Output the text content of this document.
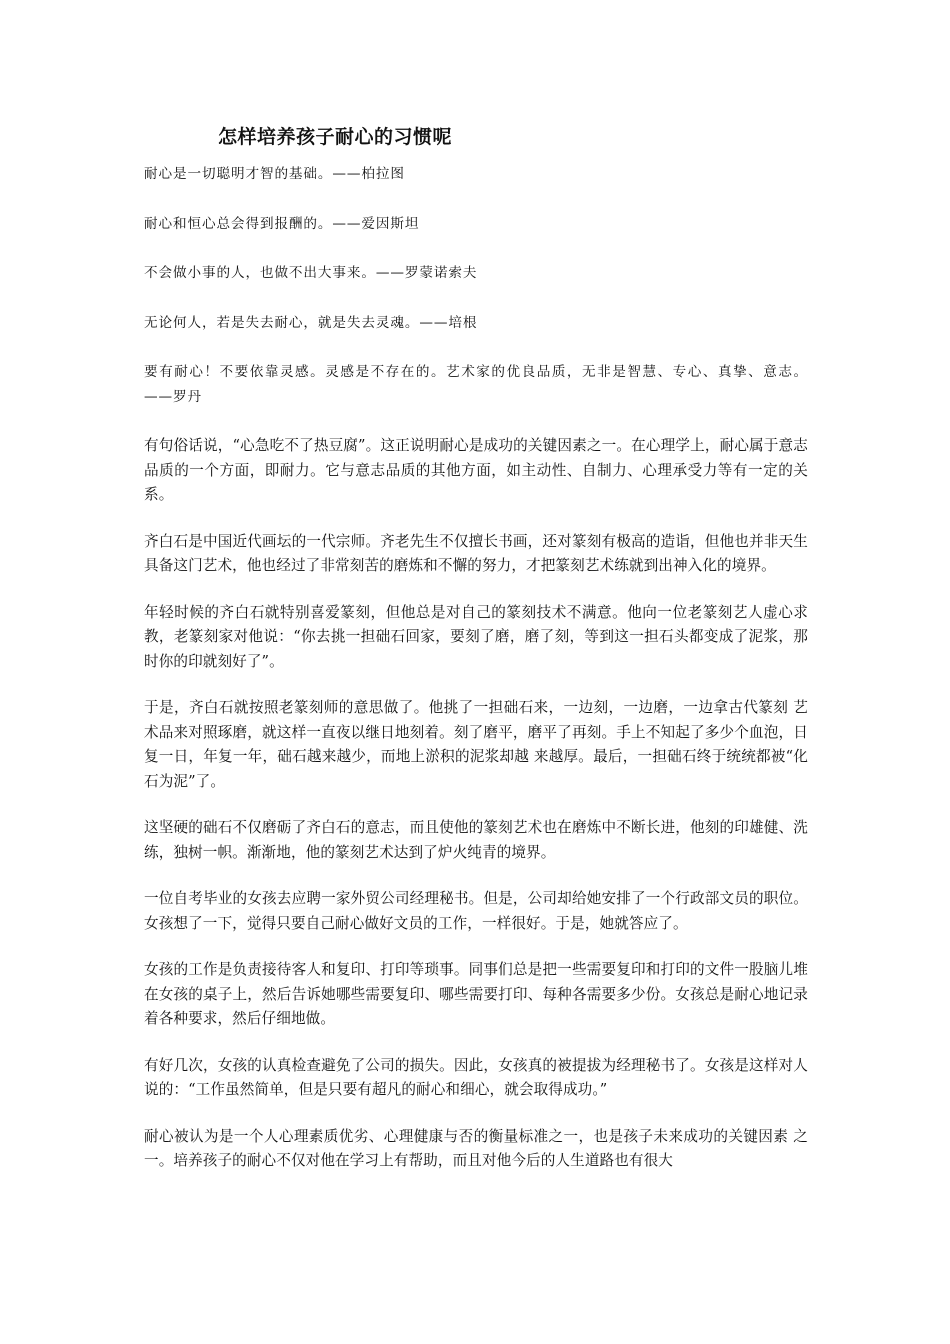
怎样培养孩子耐心的习惯呢

耐心是一切聪明才智的基础。——柏拉图

耐心和恒心总会得到报酬的。——爱因斯坦

不会做小事的人，也做不出大事来。——罗蒙诺索夫

无论何人，若是失去耐心，就是失去灵魂。——培根

要有耐心！不要依靠灵感。灵感是不存在的。艺术家的优良品质，无非是智慧、专心、真挚、意志。——罗丹

有句俗话说，“心急吃不了热豆腐”。这正说明耐心是成功的关键因素之一。在心理学上，耐心属于意志品质的一个方面，即耐力。它与意志品质的其他方面，如主动性、自制力、心理承受力等有一定的关系。

齐白石是中国近代画坛的一代宗师。齐老先生不仅擅长书画，还对篆刻有极高的造诣，但他也并非天生具备这门艺术，他也经过了非常刻苦的磨炼和不懈的努力，才把篆刻艺术练就到出神入化的境界。

年轻时候的齐白石就特别喜爱篆刻，但他总是对自己的篆刻技术不满意。他向一位老篆刻艺人虚心求教，老篆刻家对他说：“你去挑一担础石回家，要刻了磨，磨了刻，等到这一担石头都变成了泥浆，那时你的印就刻好了”。

于是，齐白石就按照老篆刻师的意思做了。他挑了一担础石来，一边刻，一边磨，一边拿古代篆刻 艺术品来对照琢磨，就这样一直夜以继日地刻着。刻了磨平，磨平了再刻。手上不知起了多少个血泡，日复一日，年复一年，础石越来越少，而地上淤积的泥浆却越 来越厚。最后，一担础石终于统统都被“化石为泥”了。

这坚硬的础石不仅磨砺了齐白石的意志，而且使他的篆刻艺术也在磨炼中不断长进，他刻的印雄健、洗练，独树一帜。渐渐地，他的篆刻艺术达到了炉火纯青的境界。

一位自考毕业的女孩去应聘一家外贸公司经理秘书。但是，公司却给她安排了一个行政部文员的职位。女孩想了一下，觉得只要自己耐心做好文员的工作，一样很好。于是，她就答应了。

女孩的工作是负责接待客人和复印、打印等琐事。同事们总是把一些需要复印和打印的文件一股脑儿堆在女孩的桌子上，然后告诉她哪些需要复印、哪些需要打印、每种各需要多少份。女孩总是耐心地记录着各种要求，然后仔细地做。

有好几次，女孩的认真检查避免了公司的损失。因此，女孩真的被提拔为经理秘书了。女孩是这样对人说的：“工作虽然简单，但是只要有超凡的耐心和细心，就会取得成功。”

耐心被认为是一个人心理素质优劣、心理健康与否的衡量标准之一，也是孩子未来成功的关键因素 之一。培养孩子的耐心不仅对他在学习上有帮助，而且对他今后的人生道路也有很大
